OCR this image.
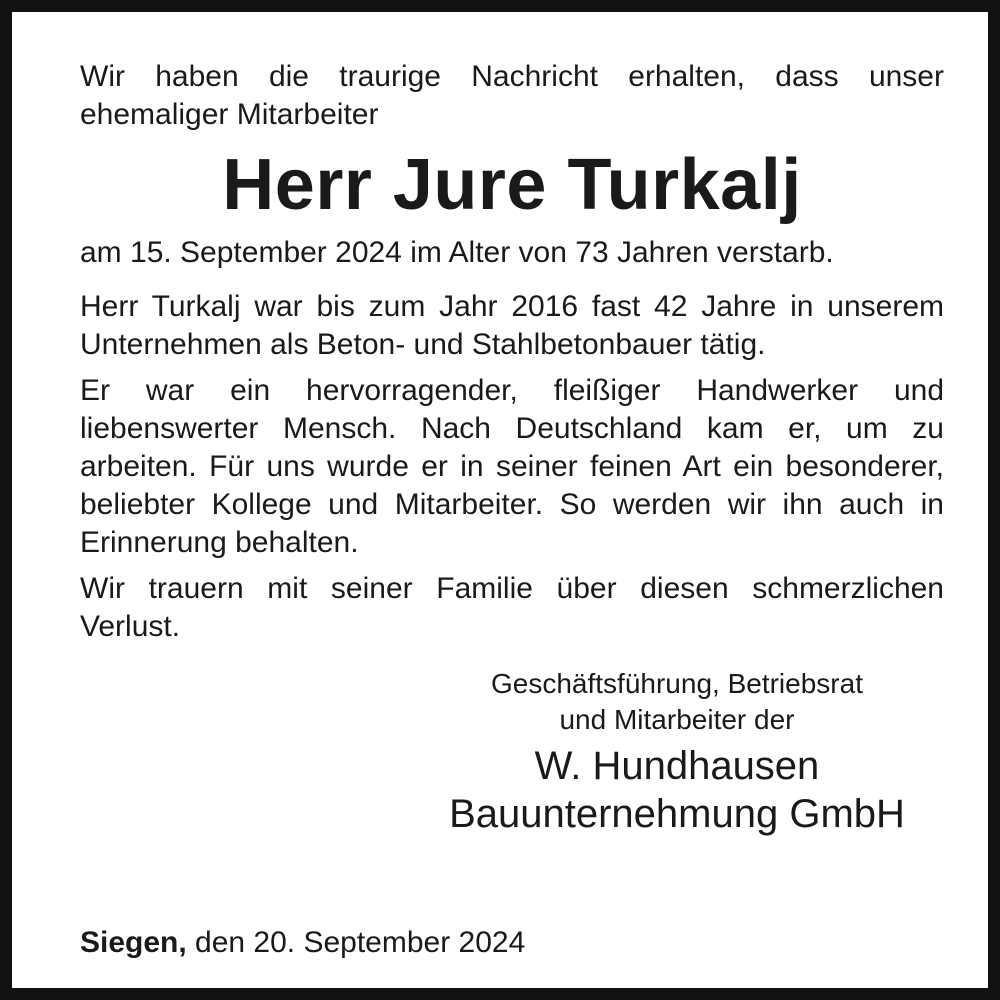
Wir haben die traurige Nachricht erhalten, dass unser ehemaliger Mitarbeiter

Herr Jure Turkalj

am 15. September 2024 im Alter von 73 Jahren verstarb.

Herr Turkalj war bis zum Jahr 2016 fast 42 Jahre in unserem Unternehmen als Beton- und Stahlbetonbauer tätig.

Er war ein hervorragender, fleißiger Handwerker und liebenswerter Mensch. Nach Deutschland kam er, um zu arbeiten. Für uns wurde er in seiner feinen Art ein besonderer, beliebter Kollege und Mitarbeiter. So werden wir ihn auch in Erinnerung behalten.

Wir trauern mit seiner Familie über diesen schmerzlichen Verlust.

Geschäftsführung, Betriebsrat
und Mitarbeiter der
W. Hundhausen
Bauunternehmung GmbH
Siegen, den 20. September 2024
